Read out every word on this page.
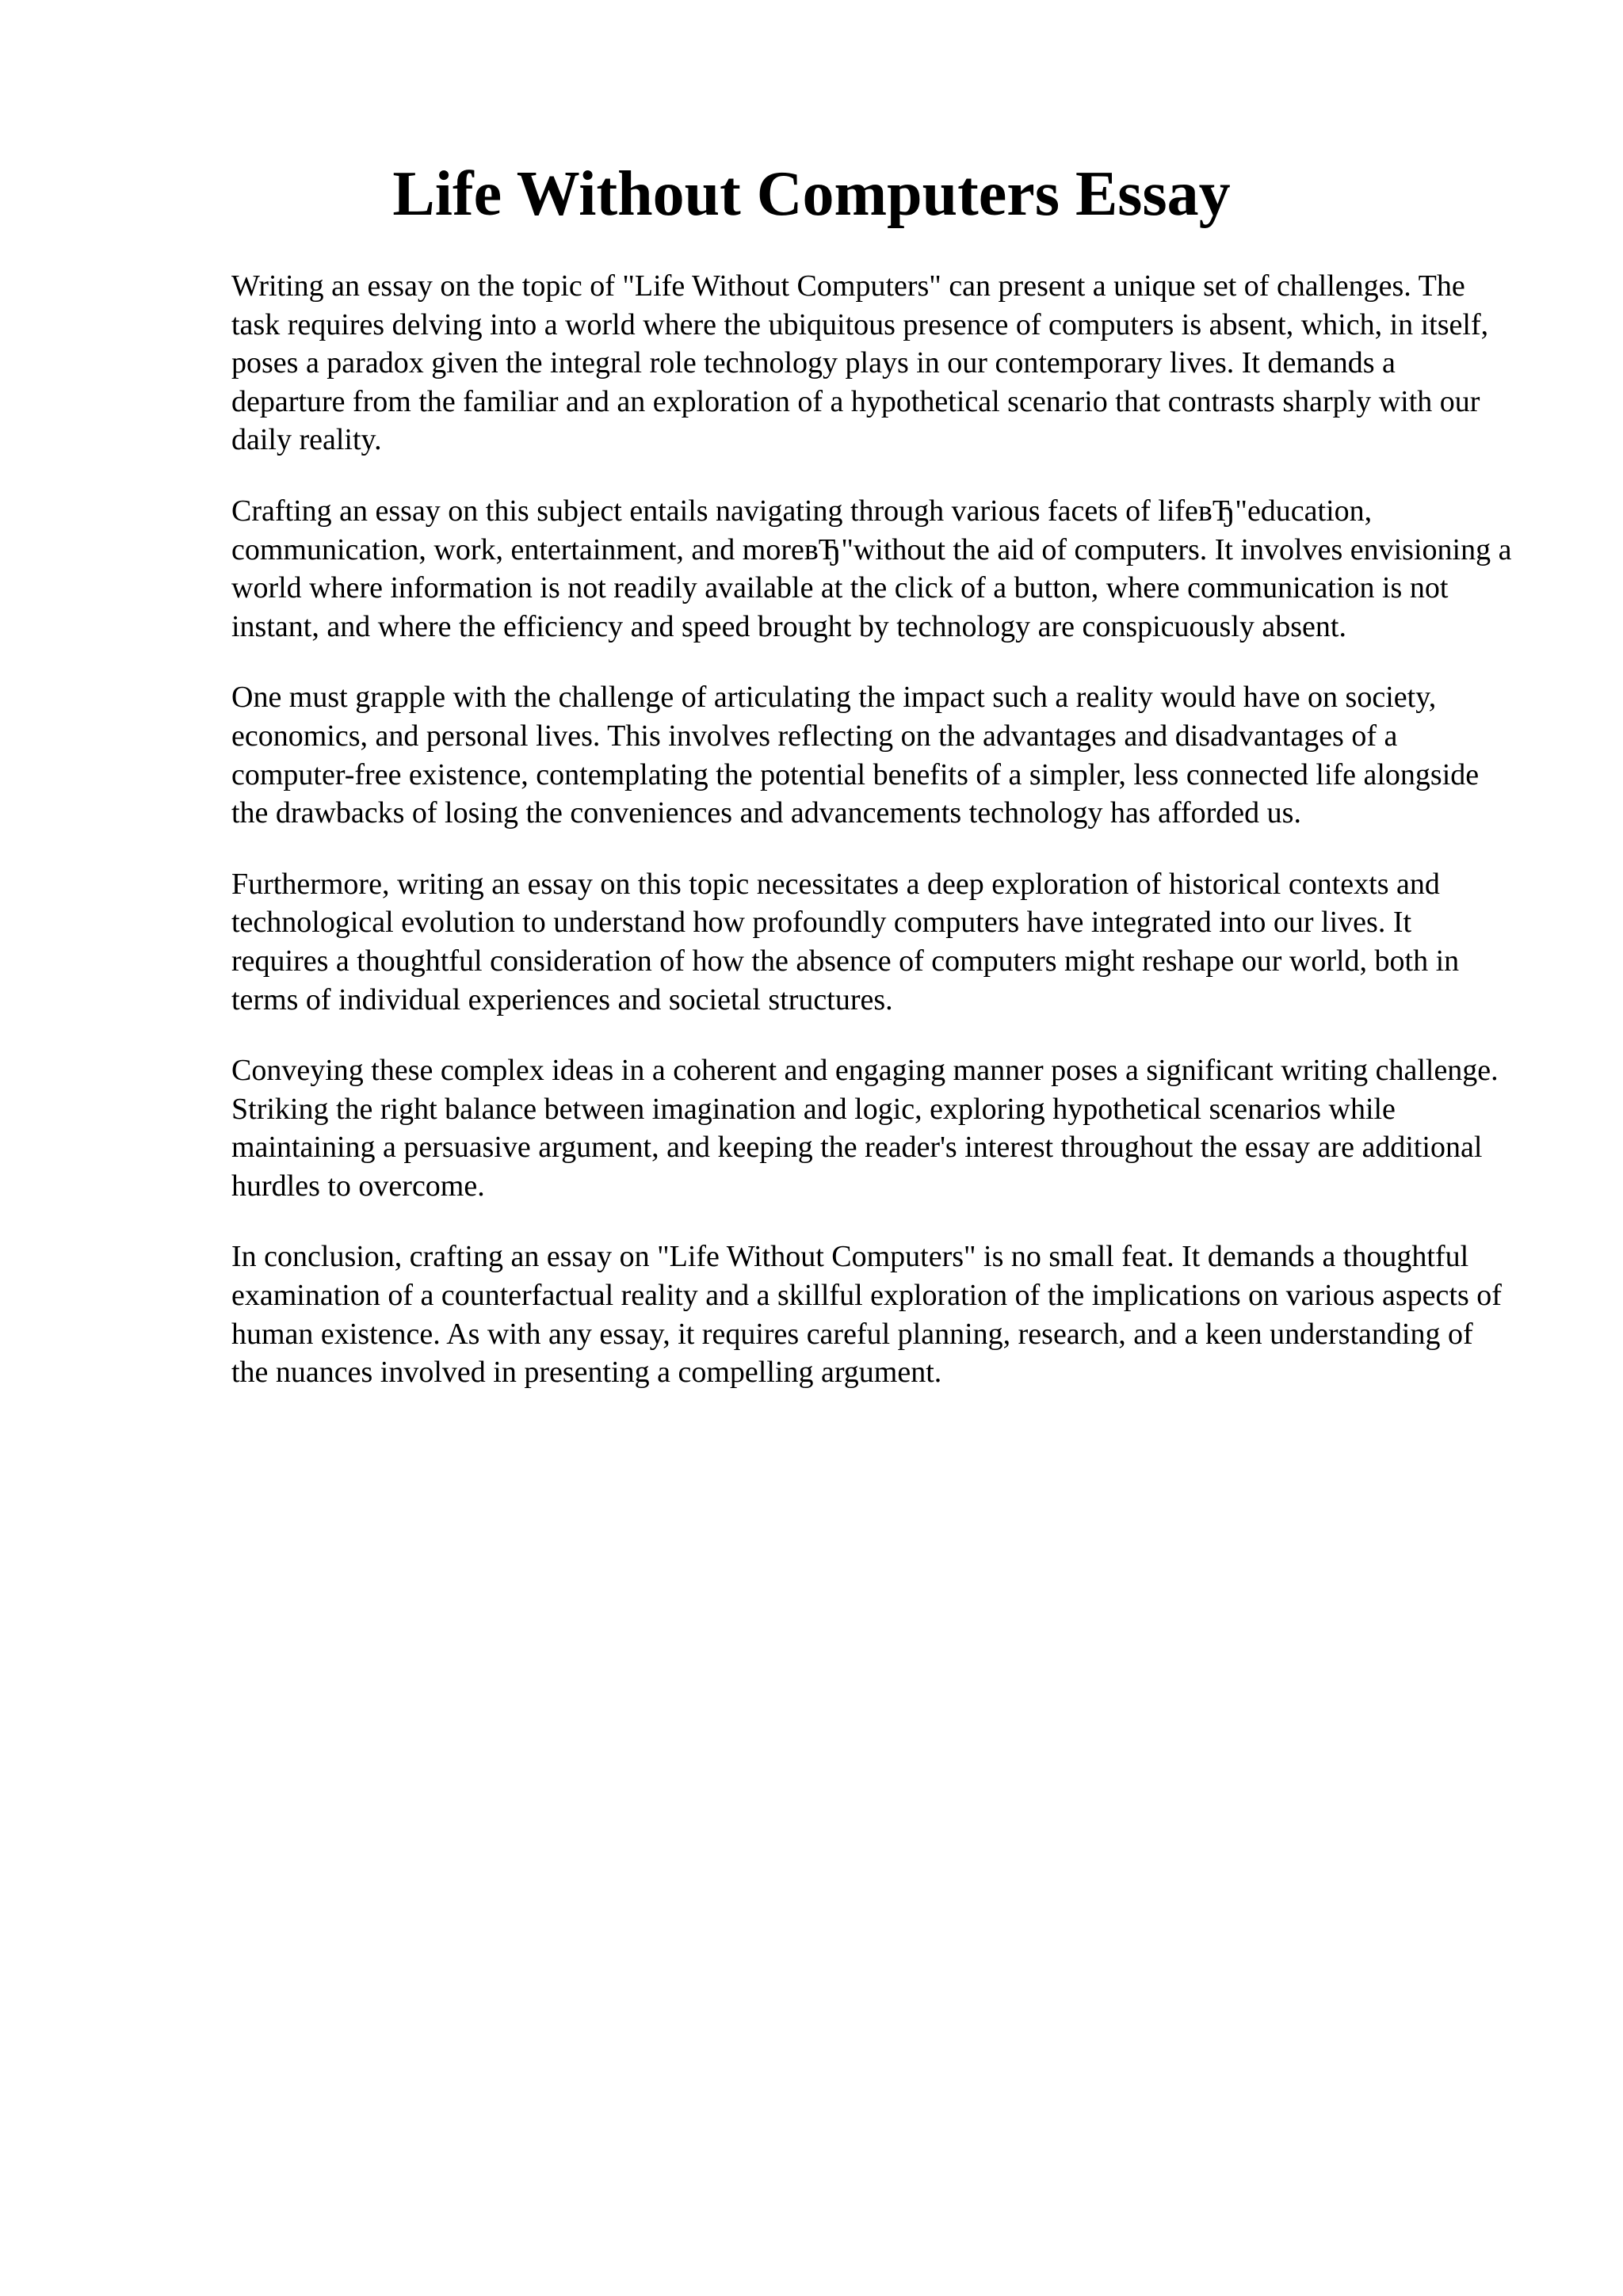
Life Without Computers Essay

Writing an essay on the topic of "Life Without Computers" can present a unique set of challenges. The task requires delving into a world where the ubiquitous presence of computers is absent, which, in itself, poses a paradox given the integral role technology plays in our contemporary lives. It demands a departure from the familiar and an exploration of a hypothetical scenario that contrasts sharply with our daily reality.

Crafting an essay on this subject entails navigating through various facets of lifeвЂ"education, communication, work, entertainment, and moreвЂ"without the aid of computers. It involves envisioning a world where information is not readily available at the click of a button, where communication is not instant, and where the efficiency and speed brought by technology are conspicuously absent.

One must grapple with the challenge of articulating the impact such a reality would have on society, economics, and personal lives. This involves reflecting on the advantages and disadvantages of a computer-free existence, contemplating the potential benefits of a simpler, less connected life alongside the drawbacks of losing the conveniences and advancements technology has afforded us.

Furthermore, writing an essay on this topic necessitates a deep exploration of historical contexts and technological evolution to understand how profoundly computers have integrated into our lives. It requires a thoughtful consideration of how the absence of computers might reshape our world, both in terms of individual experiences and societal structures.

Conveying these complex ideas in a coherent and engaging manner poses a significant writing challenge. Striking the right balance between imagination and logic, exploring hypothetical scenarios while maintaining a persuasive argument, and keeping the reader's interest throughout the essay are additional hurdles to overcome.

In conclusion, crafting an essay on "Life Without Computers" is no small feat. It demands a thoughtful examination of a counterfactual reality and a skillful exploration of the implications on various aspects of human existence. As with any essay, it requires careful planning, research, and a keen understanding of the nuances involved in presenting a compelling argument.
